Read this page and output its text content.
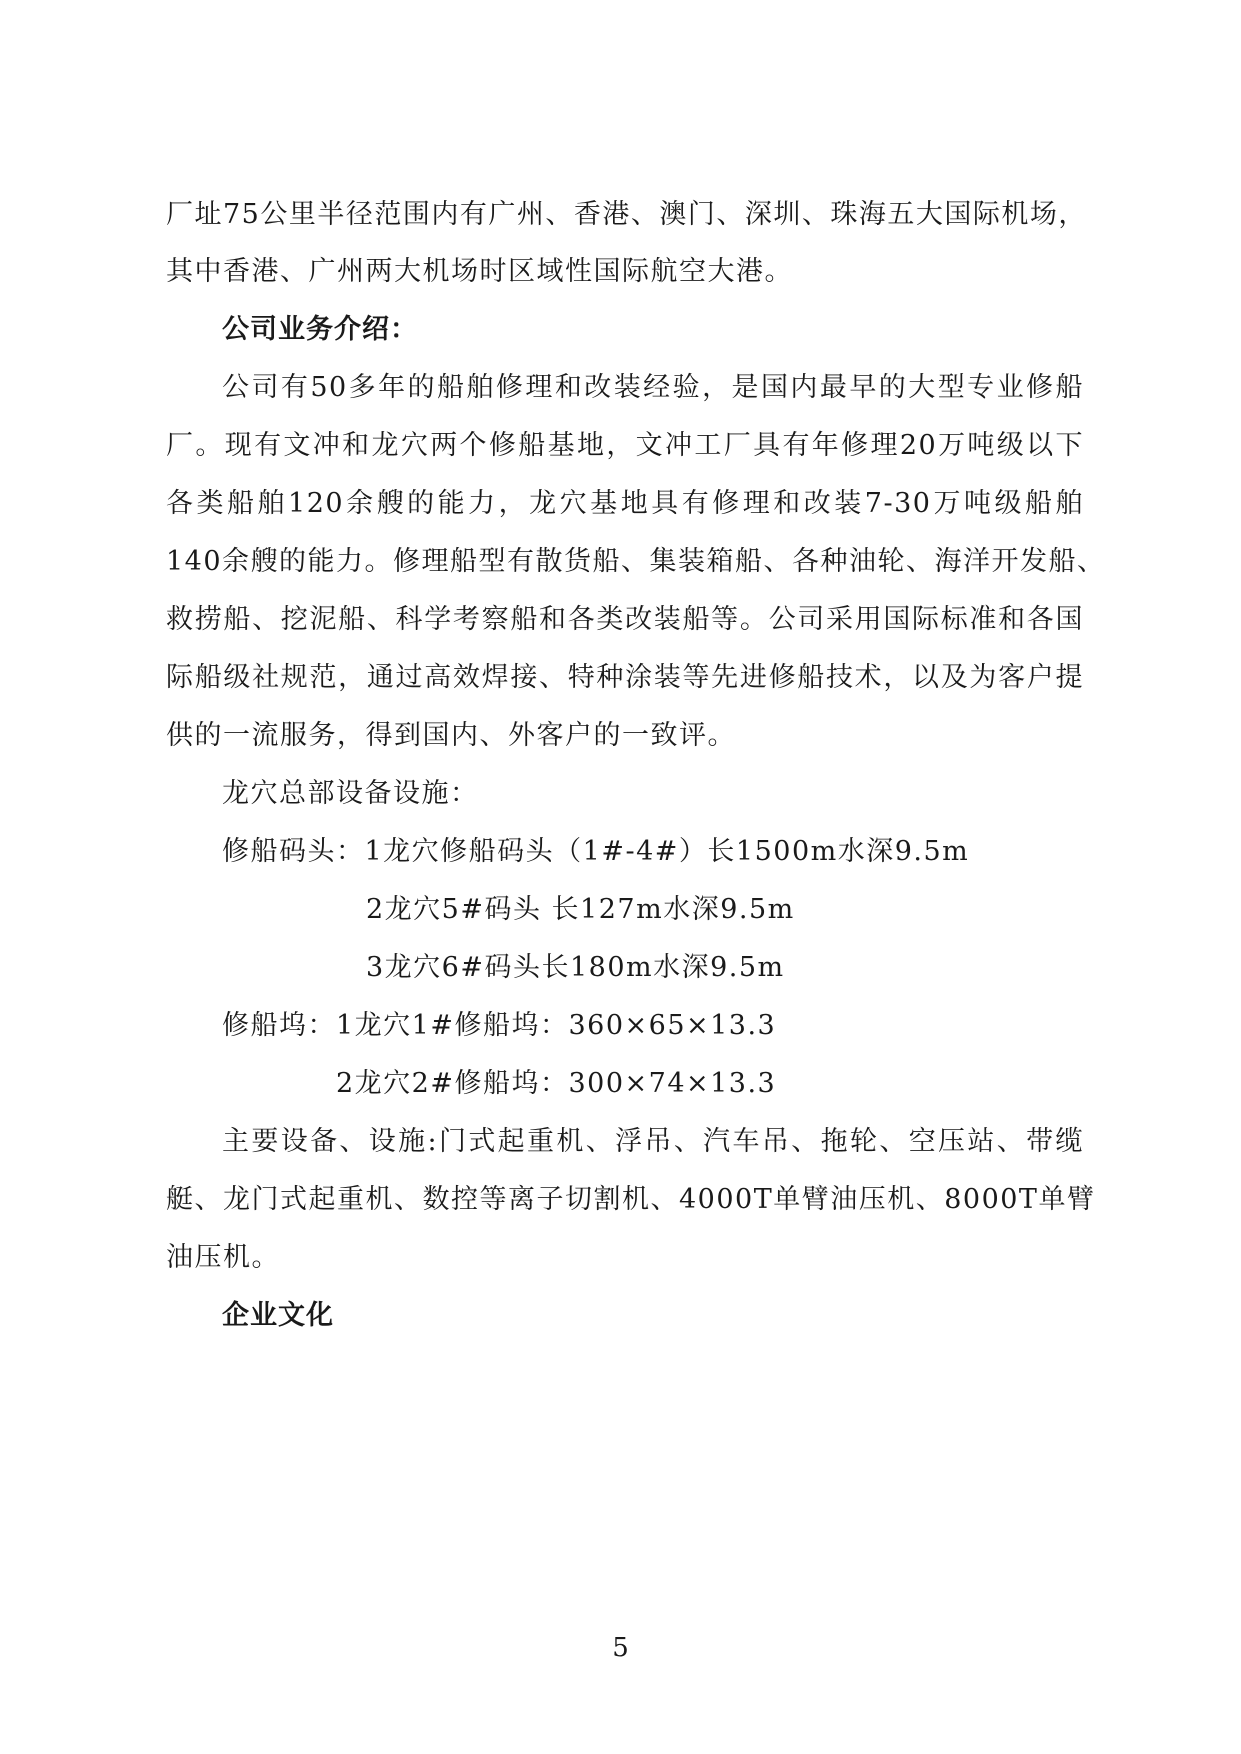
厂址75公里半径范围内有广州、香港、澳门、深圳、珠海五大国际机场，
其中香港、广州两大机场时区域性国际航空大港。
公司业务介绍：
公司有50多年的船舶修理和改装经验，是国内最早的大型专业修船
厂。现有文冲和龙穴两个修船基地，文冲工厂具有年修理20万吨级以下
各类船舶120余艘的能力，龙穴基地具有修理和改装7-30万吨级船舶
140余艘的能力。修理船型有散货船、集装箱船、各种油轮、海洋开发船、
救捞船、挖泥船、科学考察船和各类改装船等。公司采用国际标准和各国
际船级社规范，通过高效焊接、特种涂装等先进修船技术，以及为客户提
供的一流服务，得到国内、外客户的一致评。
龙穴总部设备设施：
修船码头：1龙穴修船码头（1#-4#）长1500m水深9.5m
2龙穴5#码头 长127m水深9.5m
3龙穴6#码头长180m水深9.5m
修船坞：1龙穴1#修船坞：360×65×13.3
2龙穴2#修船坞：300×74×13.3
主要设备、设施:门式起重机、浮吊、汽车吊、拖轮、空压站、带缆
艇、龙门式起重机、数控等离子切割机、4000T单臂油压机、8000T单臂
油压机。
企业文化
5
